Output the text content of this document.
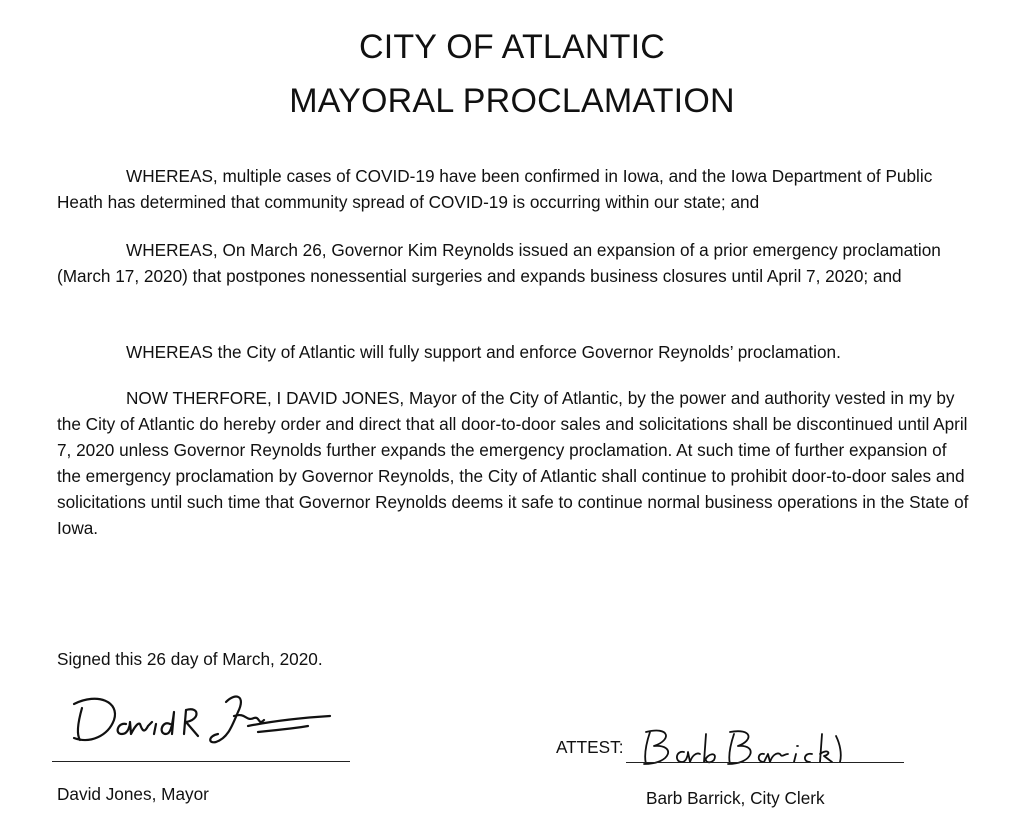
CITY OF ATLANTIC
MAYORAL PROCLAMATION

WHEREAS, multiple cases of COVID-19 have been confirmed in Iowa, and the Iowa Department of Public Heath has determined that community spread of COVID-19 is occurring within our state; and

WHEREAS, On March 26, Governor Kim Reynolds issued an expansion of a prior emergency proclamation (March 17, 2020) that postpones nonessential surgeries and expands business closures until April 7, 2020; and

WHEREAS the City of Atlantic will fully support and enforce Governor Reynolds’ proclamation.

NOW THERFORE, I DAVID JONES, Mayor of the City of Atlantic, by the power and authority vested in my by the City of Atlantic do hereby order and direct that all door-to-door sales and solicitations shall be discontinued until April 7, 2020 unless Governor Reynolds further expands the emergency proclamation. At such time of further expansion of the emergency proclamation by Governor Reynolds, the City of Atlantic shall continue to prohibit door-to-door sales and solicitations until such time that Governor Reynolds deems it safe to continue normal business operations in the State of Iowa.

Signed this 26 day of March, 2020.
David Jones, Mayor
ATTEST:
Barb Barrick, City Clerk
